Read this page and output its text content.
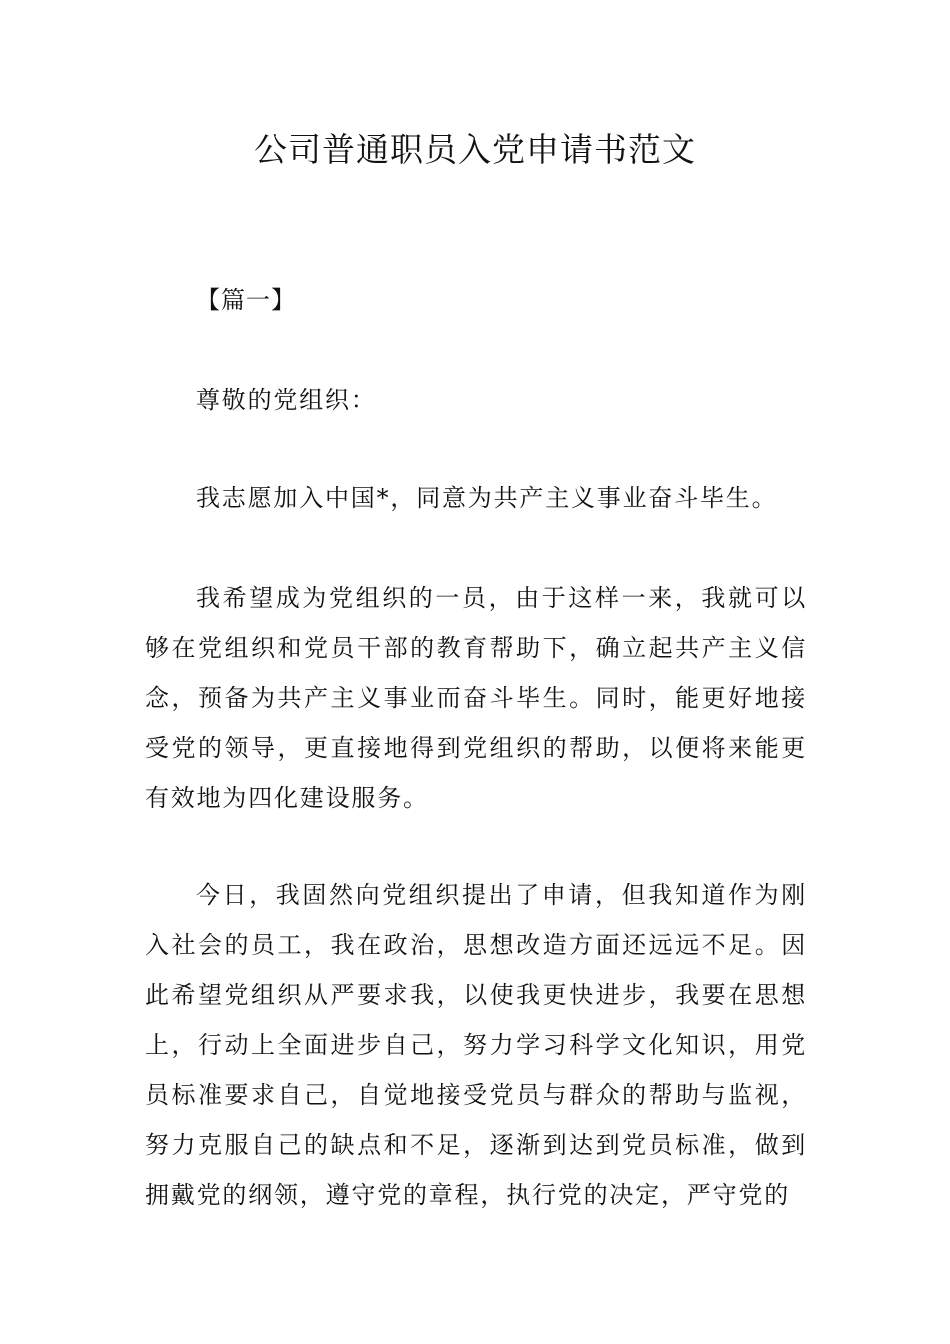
公司普通职员入党申请书范文

【篇一】

尊敬的党组织：

我志愿加入中国*，同意为共产主义事业奋斗毕生。

我希望成为党组织的一员，由于这样一来，我就可以够在党组织和党员干部的教育帮助下，确立起共产主义信念，预备为共产主义事业而奋斗毕生。同时，能更好地接受党的领导，更直接地得到党组织的帮助，以便将来能更有效地为四化建设服务。

今日，我固然向党组织提出了申请，但我知道作为刚入社会的员工，我在政治，思想改造方面还远远不足。因此希望党组织从严要求我，以使我更快进步，我要在思想上，行动上全面进步自己，努力学习科学文化知识，用党员标准要求自己，自觉地接受党员与群众的帮助与监视，努力克服自己的缺点和不足，逐渐到达到党员标准，做到拥戴党的纲领，遵守党的章程，执行党的决定，严守党的
